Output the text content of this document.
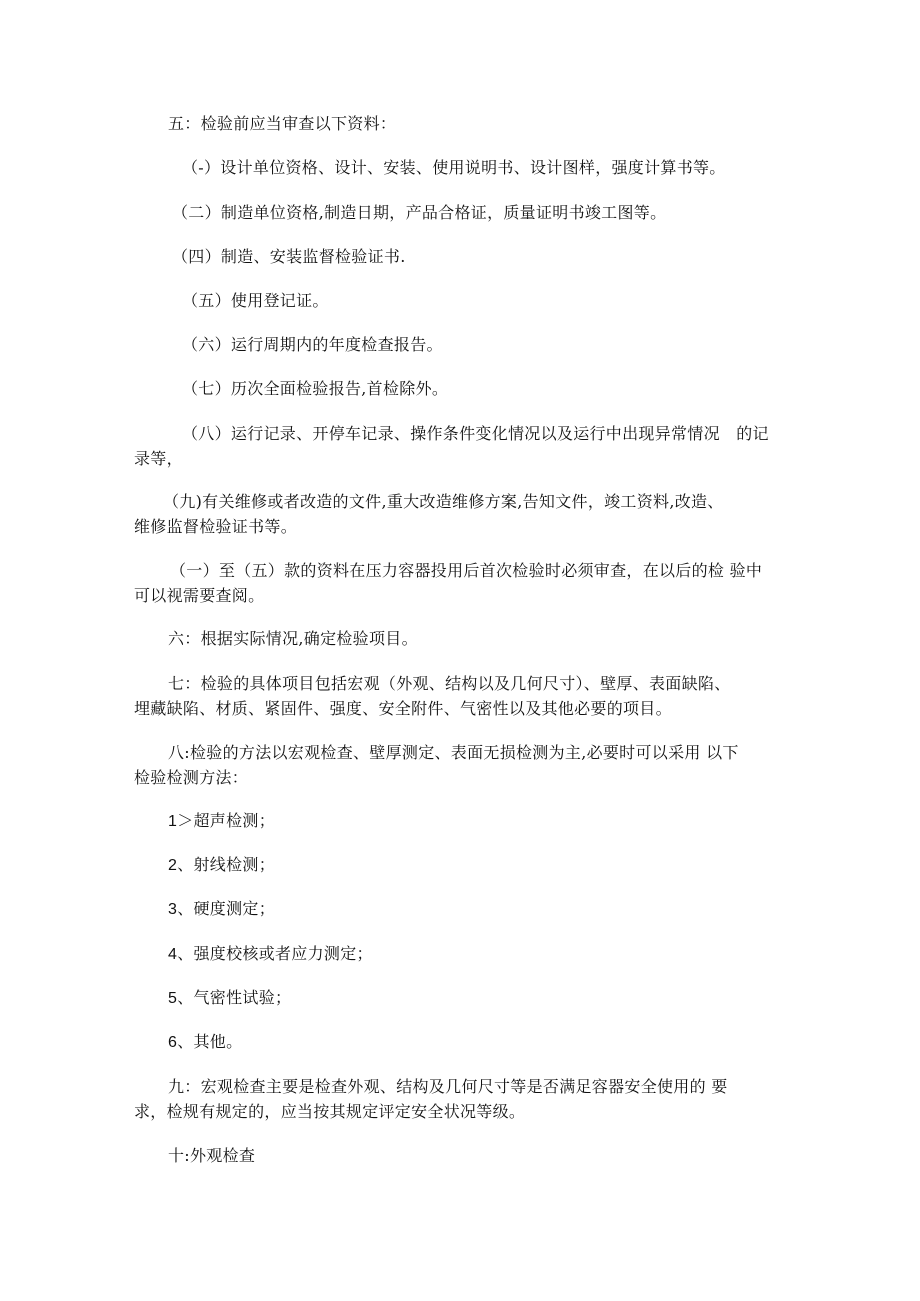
五：检验前应当审查以下资料：
（-）设计单位资格、设计、安装、使用说明书、设计图样，强度计算书等。
（二）制造单位资格,制造日期，产品合格证，质量证明书竣工图等。
（四）制造、安装监督检验证书.
（五）使用登记证。
（六）运行周期内的年度检查报告。
（七）历次全面检验报告,首检除外。
（八）运行记录、开停车记录、操作条件变化情况以及运行中出现异常情况　的记
录等，
（九)有关维修或者改造的文件,重大改造维修方案,告知文件，竣工资料,改造、
维修监督检验证书等。
（一）至（五）款的资料在压力容器投用后首次检验时必须审查，在以后的检 验中
可以视需要查阅。
六：根据实际情况,确定检验项目。
七：检验的具体项目包括宏观（外观、结构以及几何尺寸）、壁厚、表面缺陷、
埋藏缺陷、材质、紧固件、强度、安全附件、气密性以及其他必要的项目。
八:检验的方法以宏观检查、壁厚测定、表面无损检测为主,必要时可以采用 以下
检验检测方法：
1＞超声检测；
2、射线检测；
3、硬度测定；
4、强度校核或者应力测定；
5、气密性试验；
6、其他。
九：宏观检查主要是检查外观、结构及几何尺寸等是否满足容器安全使用的 要
求，检规有规定的，应当按其规定评定安全状况等级。
十:外观检查
